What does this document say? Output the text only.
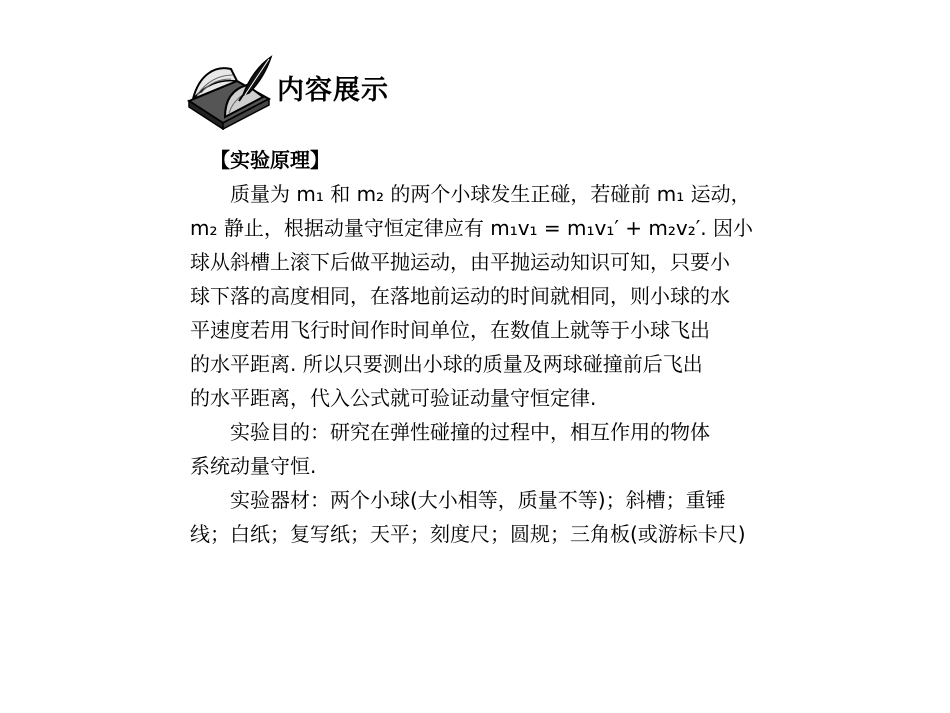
内容展示
【实验原理】
质量为 m₁ 和 m₂ 的两个小球发生正碰，若碰前 m₁ 运动，
m₂ 静止，根据动量守恒定律应有 m₁v₁ = m₁v₁′ + m₂v₂′. 因小
球从斜槽上滚下后做平抛运动，由平抛运动知识可知，只要小
球下落的高度相同，在落地前运动的时间就相同，则小球的水
平速度若用飞行时间作时间单位，在数值上就等于小球飞出
的水平距离. 所以只要测出小球的质量及两球碰撞前后飞出
的水平距离，代入公式就可验证动量守恒定律.
实验目的：研究在弹性碰撞的过程中，相互作用的物体
系统动量守恒.
实验器材：两个小球(大小相等，质量不等)；斜槽；重锤
线；白纸；复写纸；天平；刻度尺；圆规；三角板(或游标卡尺)
